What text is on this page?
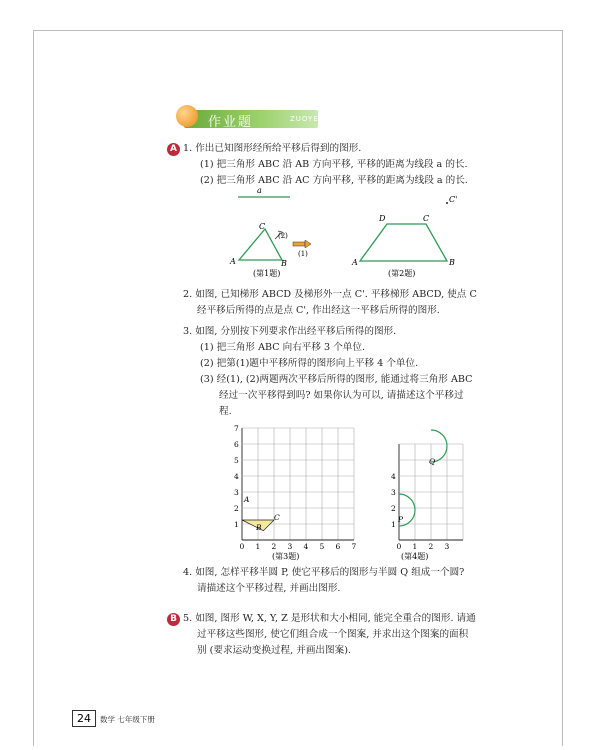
作业题	ZUOYETI
A 1. 作出已知图形经所给平移后得到的图形.
(1) 把三角形 ABC 沿 AB 方向平移, 平移的距离为线段 a 的长.
(2) 把三角形 ABC 沿 AC 方向平移, 平移的距离为线段 a 的长.
a
A	B
C
(2)
(1)
(第1题)
A	B
C
D
C'
(第2题)
2. 如图, 已知梯形 ABCD 及梯形外一点 C'. 平移梯形 ABCD, 使点 C
经平移后所得的点是点 C', 作出经这一平移后所得的图形.
3. 如图, 分别按下列要求作出经平移后所得的图形.
(1) 把三角形 ABC 向右平移 3 个单位.
(2) 把第(1)题中平移所得的图形向上平移 4 个单位.
(3) 经(1), (2)两题两次平移后所得的图形, 能通过将三角形 ABC
经过一次平移得到吗? 如果你认为可以, 请描述这个平移过
程.
A
B
C
(第3题)
0 1 2 3 4 5 6 7
1
2
3
4
5
6
7
P
Q
(第4题)
0 1 2 3
1
2
3
4
4. 如图, 怎样平移半圆 P, 使它平移后的图形与半圆 Q 组成一个圆?
请描述这个平移过程, 并画出图形.
B 5. 如图, 图形 W, X, Y, Z 是形状和大小相同, 能完全重合的图形. 请通
过平移这些图形, 使它们组合成一个图案, 并求出这个图案的面积
别 (要求运动变换过程, 并画出图案).
24	数学 七年级下册
